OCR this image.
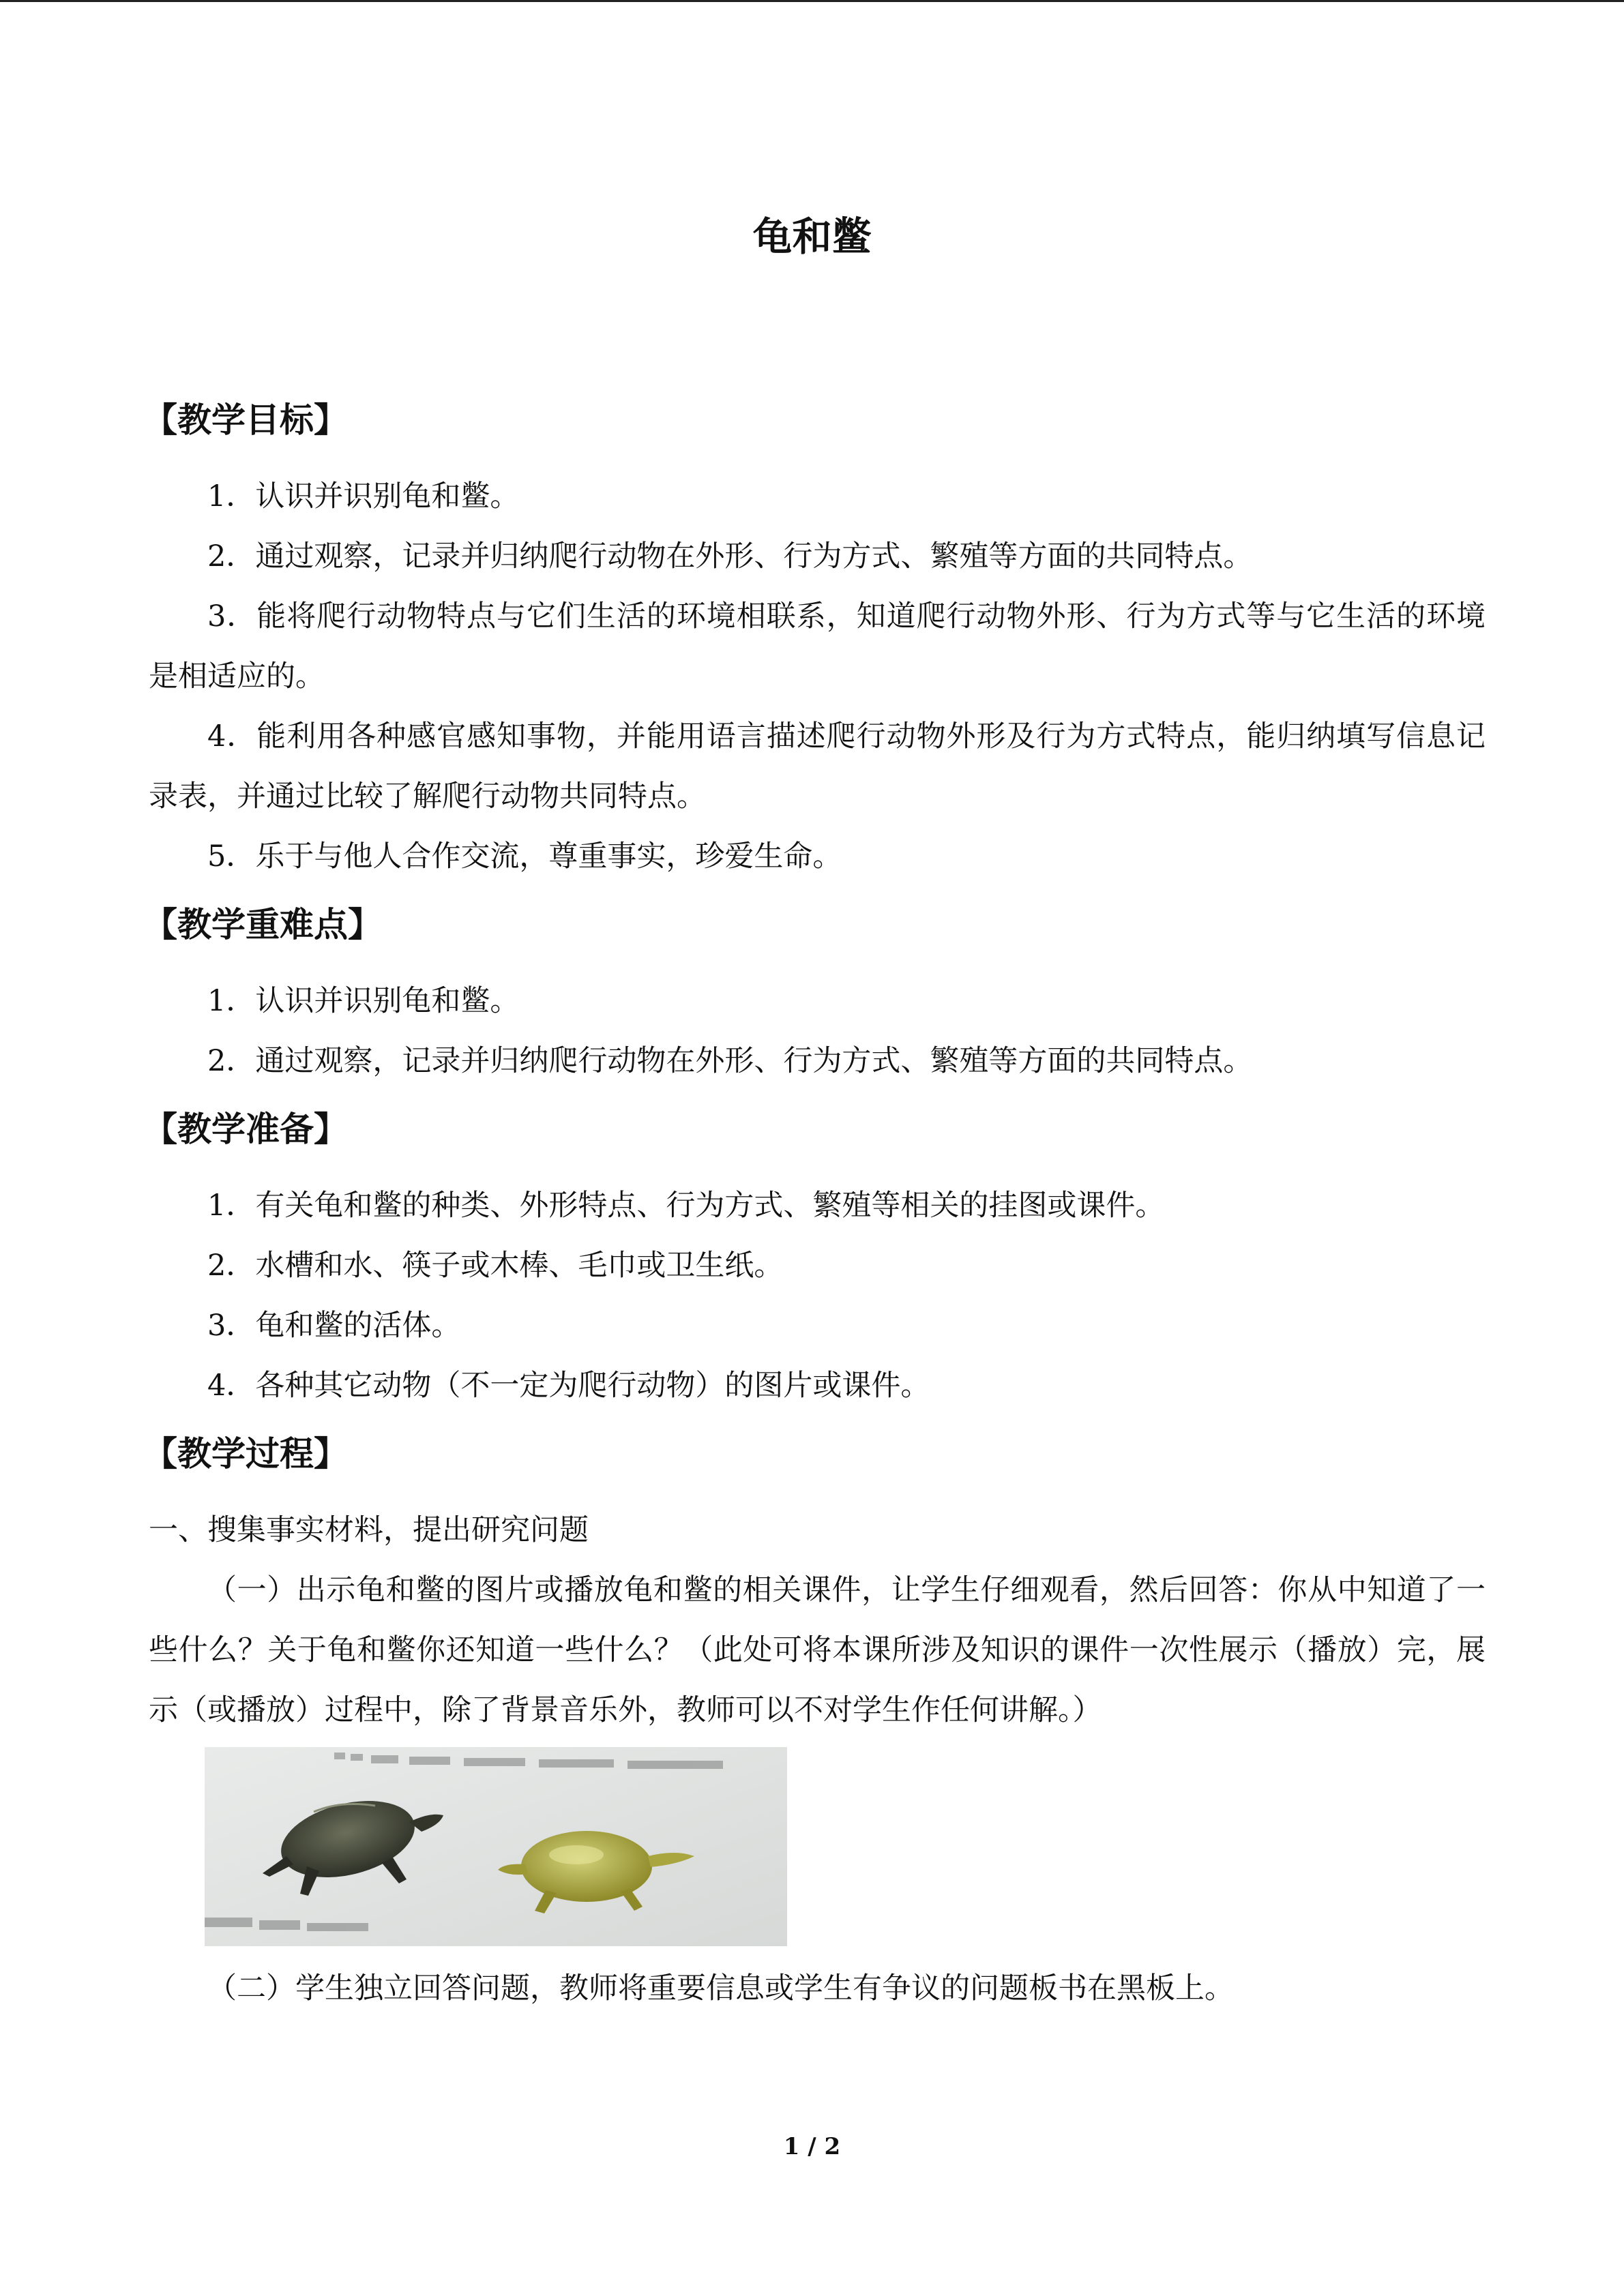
龟和鳖
【教学目标】

1．认识并识别龟和鳖。

2．通过观察，记录并归纳爬行动物在外形、行为方式、繁殖等方面的共同特点。

3．能将爬行动物特点与它们生活的环境相联系，知道爬行动物外形、行为方式等与它生活的环境是相适应的。

4．能利用各种感官感知事物，并能用语言描述爬行动物外形及行为方式特点，能归纳填写信息记录表，并通过比较了解爬行动物共同特点。

5．乐于与他人合作交流，尊重事实，珍爱生命。

【教学重难点】

1．认识并识别龟和鳖。

2．通过观察，记录并归纳爬行动物在外形、行为方式、繁殖等方面的共同特点。

【教学准备】

1．有关龟和鳖的种类、外形特点、行为方式、繁殖等相关的挂图或课件。

2．水槽和水、筷子或木棒、毛巾或卫生纸。

3．龟和鳖的活体。

4．各种其它动物（不一定为爬行动物）的图片或课件。

【教学过程】

一、搜集事实材料，提出研究问题

（一）出示龟和鳖的图片或播放龟和鳖的相关课件，让学生仔细观看，然后回答：你从中知道了一些什么？关于龟和鳖你还知道一些什么？（此处可将本课所涉及知识的课件一次性展示（播放）完，展示（或播放）过程中，除了背景音乐外，教师可以不对学生作任何讲解。）

（二）学生独立回答问题，教师将重要信息或学生有争议的问题板书在黑板上。

1 / 2
